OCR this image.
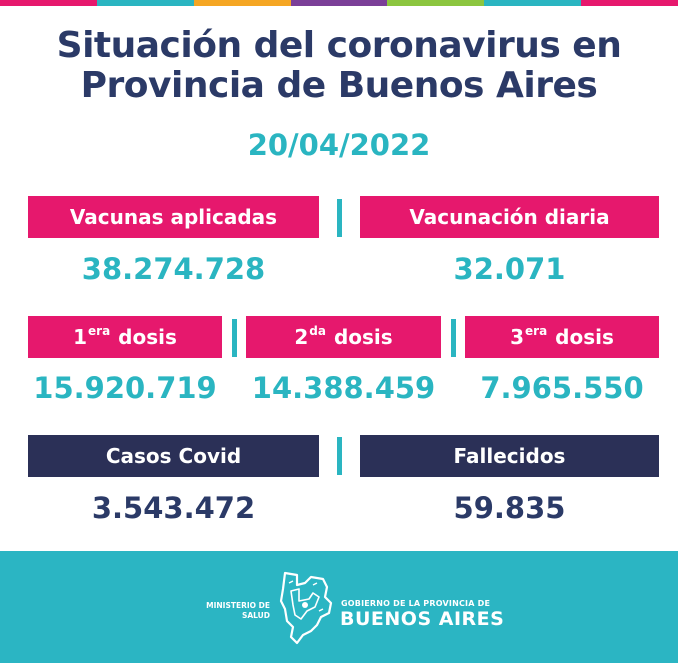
Situación del coronavirus en
Provincia de Buenos Aires
20/04/2022
Vacunas aplicadas	Vacunación diaria
38.274.728	32.071
$1^{era}$ dosis	$2^{da}$ dosis	$3^{era}$ dosis
15.920.719	14.388.459	7.965.550
Casos Covid	Fallecidos
3.543.472	59.835
MINISTERIO DE
SALUD
GOBIERNO DE LA PROVINCIA DE
BUENOS AIRES
